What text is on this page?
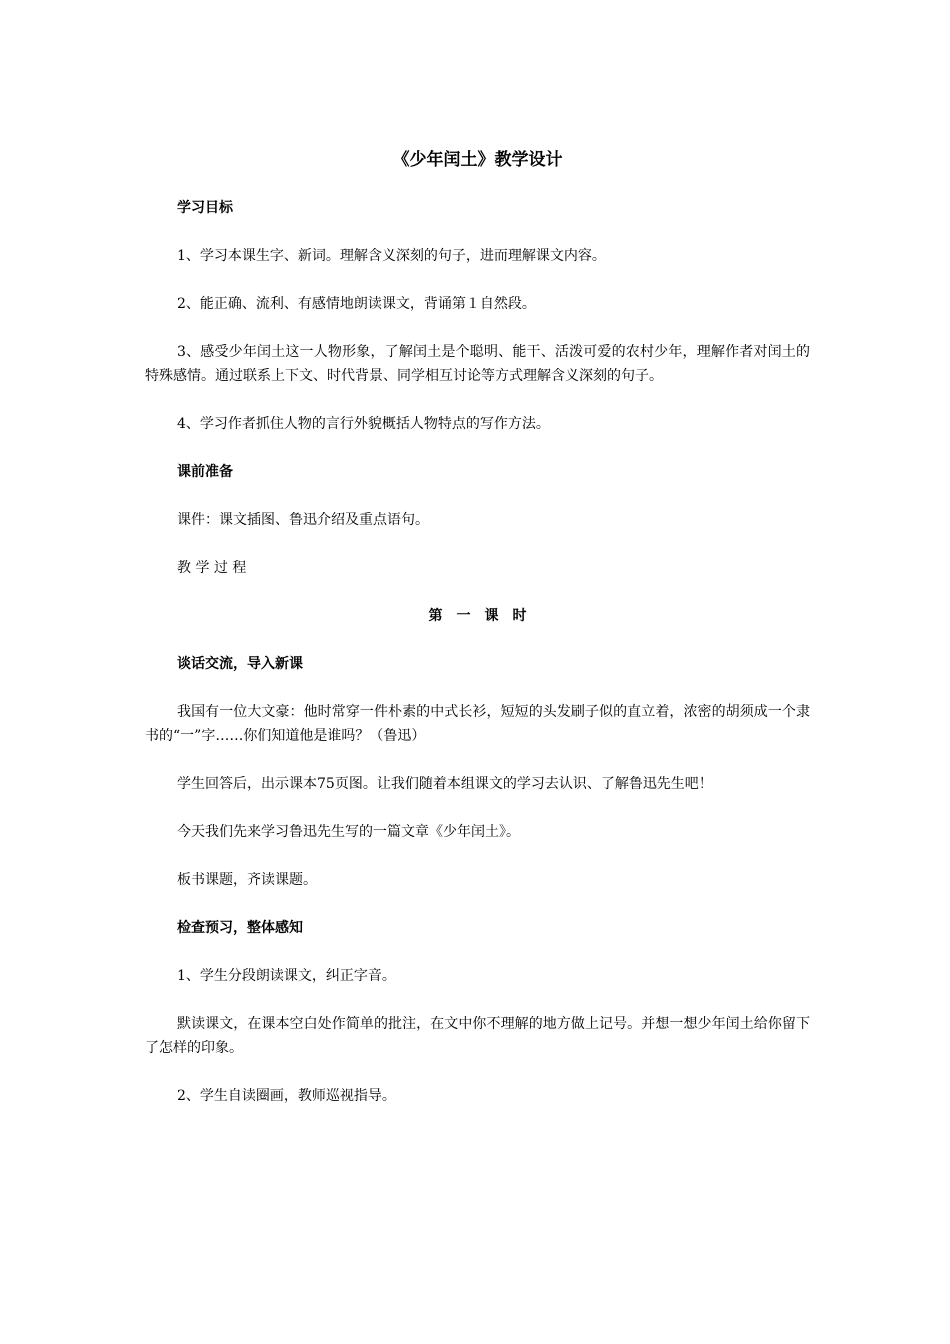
《少年闰土》教学设计

学习目标

1、学习本课生字、新词。理解含义深刻的句子，进而理解课文内容。

2、能正确、流利、有感情地朗读课文，背诵第１自然段。

3、感受少年闰土这一人物形象，了解闰土是个聪明、能干、活泼可爱的农村少年，理解作者对闰土的特殊感情。通过联系上下文、时代背景、同学相互讨论等方式理解含义深刻的句子。

4、学习作者抓住人物的言行外貌概括人物特点的写作方法。

课前准备

课件：课文插图、鲁迅介绍及重点语句。

教 学 过 程

第　一　课　时

谈话交流，导入新课

我国有一位大文豪：他时常穿一件朴素的中式长衫，短短的头发刷子似的直立着，浓密的胡须成一个隶书的“一”字……你们知道他是谁吗？（鲁迅）

学生回答后，出示课本75页图。让我们随着本组课文的学习去认识、了解鲁迅先生吧！

今天我们先来学习鲁迅先生写的一篇文章《少年闰土》。

板书课题，齐读课题。

检查预习，整体感知

1、学生分段朗读课文，纠正字音。

默读课文，在课本空白处作简单的批注，在文中你不理解的地方做上记号。并想一想少年闰土给你留下了怎样的印象。

2、学生自读圈画，教师巡视指导。
